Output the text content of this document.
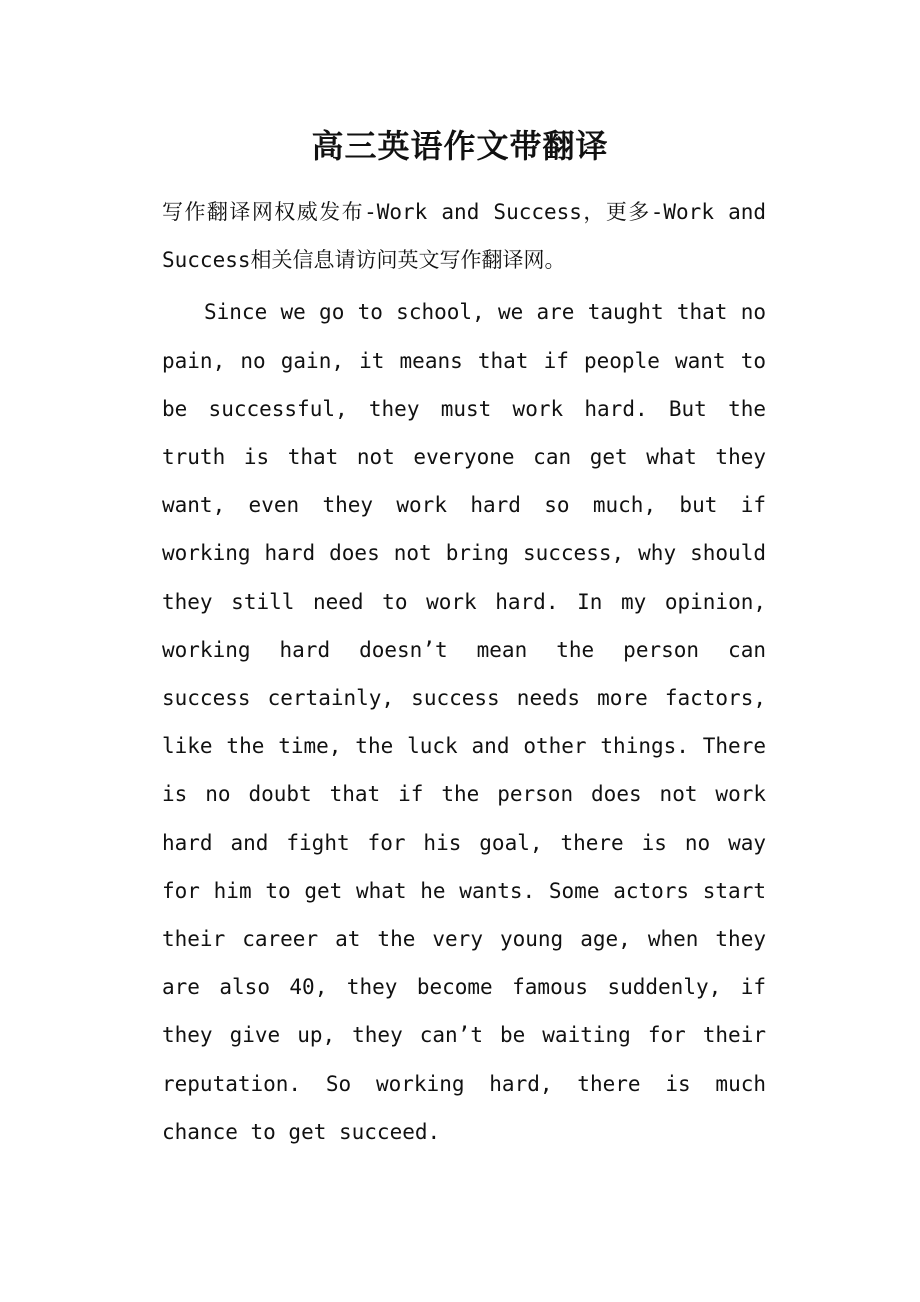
高三英语作文带翻译

写作翻译网权威发布-Work and Success，更多-Work and Success相关信息请访问英文写作翻译网。

Since we go to school, we are taught that no pain, no gain, it means that if people want to be successful, they must work hard. But the truth is that not everyone can get what they want, even they work hard so much, but if working hard does not bring success, why should they still need to work hard. In my opinion, working hard doesn’t mean the person can success certainly, success needs more factors, like the time, the luck and other things. There is no doubt that if the person does not work hard and fight for his goal, there is no way for him to get what he wants. Some actors start their career at the very young age, when they are also 40, they become famous suddenly, if they give up, they can’t be waiting for their reputation. So working hard, there is much chance to get succeed.
